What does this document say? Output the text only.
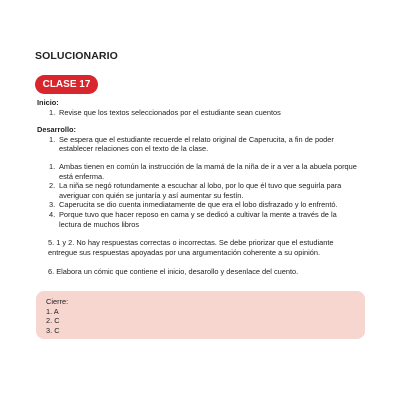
SOLUCIONARIO
CLASE 17
Inicio:
1. Revise que los textos seleccionados por el estudiante sean cuentos
Desarrollo:
1. Se espera que el estudiante recuerde el relato original de Caperucita, a fin de poder establecer relaciones con el texto de la clase.
1. Ambas tienen en común la instrucción de la mamá de la niña de ir a ver a la abuela porque está enferma.
2. La niña se negó rotundamente a escuchar al lobo, por lo que él tuvo que seguirla para averiguar con quién se juntaría y así aumentar su festín.
3. Caperucita se dio cuenta inmediatamente de que era el lobo disfrazado y lo enfrentó.
4. Porque tuvo que hacer reposo en cama y se dedicó a cultivar la mente a través de la lectura de muchos libros
5. 1 y 2. No hay respuestas correctas o incorrectas. Se debe priorizar que el estudiante entregue sus respuestas apoyadas por una argumentación coherente a su opinión.
6. Elabora un cómic que contiene el inicio, desarollo y desenlace del cuento.
Cierre:
1. A
2. C
3. C
